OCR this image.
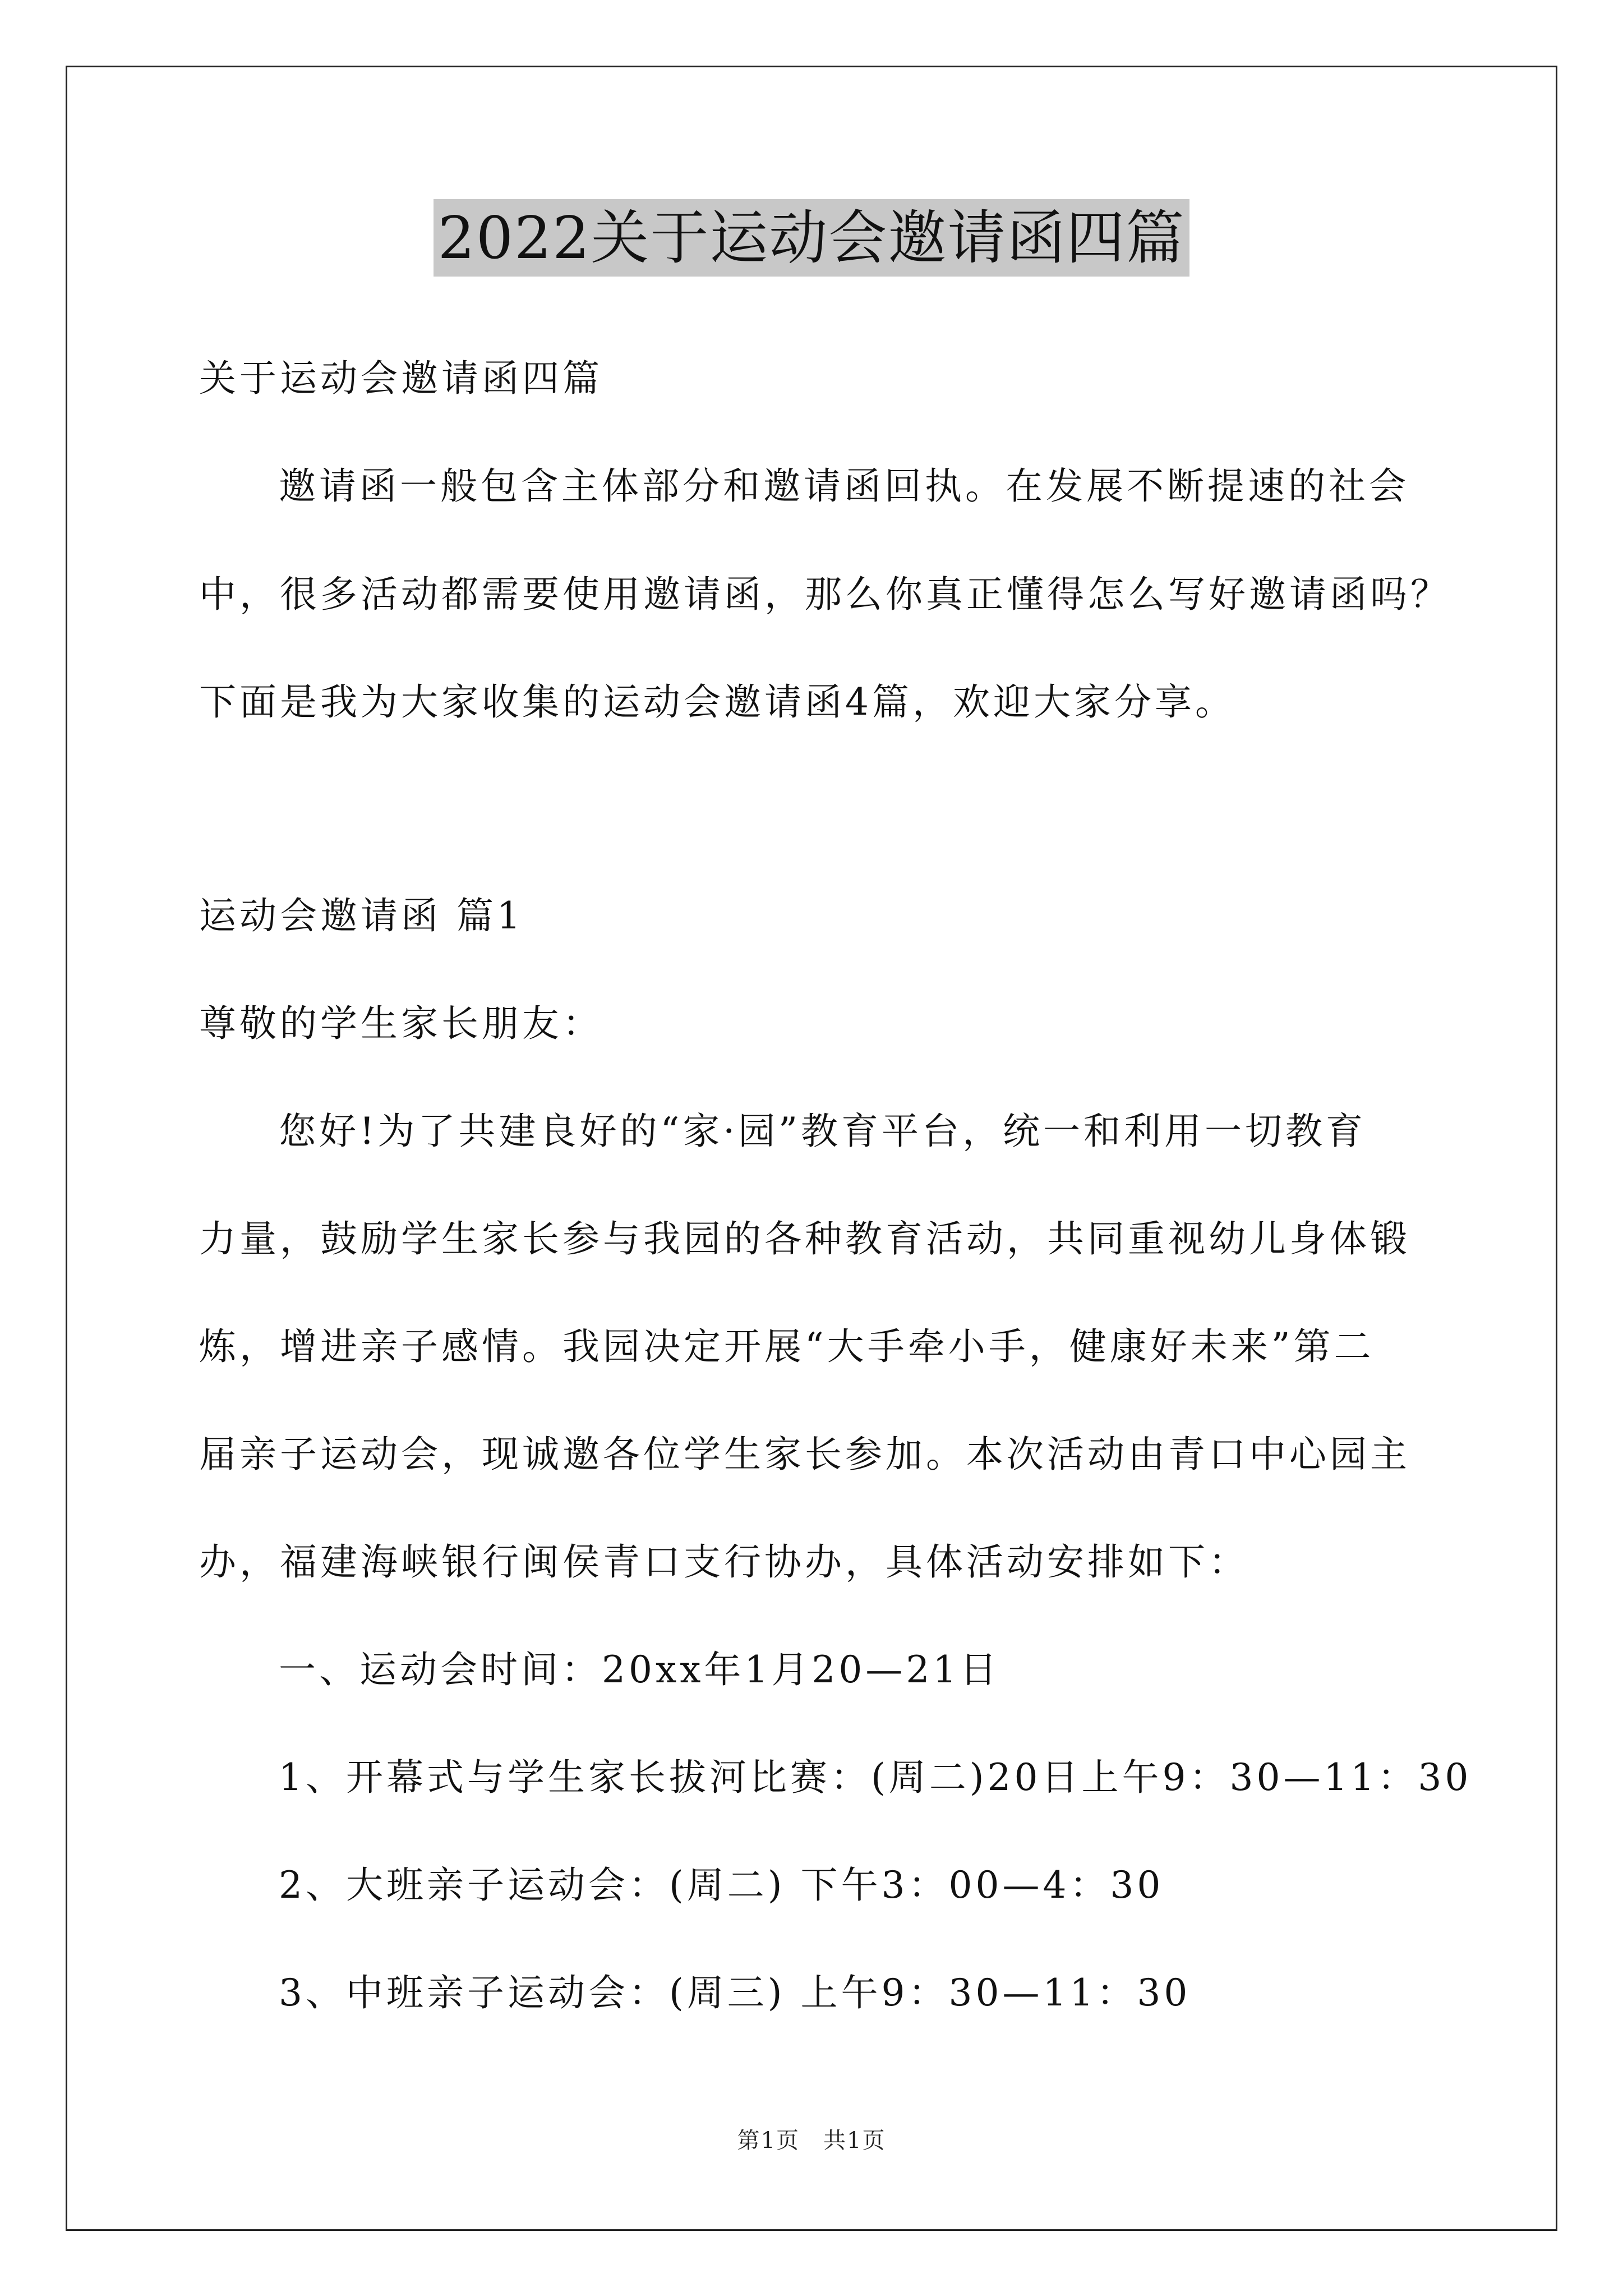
2022关于运动会邀请函四篇
关于运动会邀请函四篇
邀请函一般包含主体部分和邀请函回执。在发展不断提速的社会
中，很多活动都需要使用邀请函，那么你真正懂得怎么写好邀请函吗？
下面是我为大家收集的运动会邀请函4篇，欢迎大家分享。
运动会邀请函 篇1
尊敬的学生家长朋友：
您好!为了共建良好的“家·园”教育平台，统一和利用一切教育
力量，鼓励学生家长参与我园的各种教育活动，共同重视幼儿身体锻
炼，增进亲子感情。我园决定开展“大手牵小手，健康好未来”第二
届亲子运动会，现诚邀各位学生家长参加。本次活动由青口中心园主
办，福建海峡银行闽侯青口支行协办，具体活动安排如下：
一、运动会时间：20xx年1月20—21日
1、开幕式与学生家长拔河比赛：(周二)20日上午9：30—11：30
2、大班亲子运动会：(周二) 下午3：00—4：30
3、中班亲子运动会：(周三) 上午9：30—11：30
第1页　共1页
